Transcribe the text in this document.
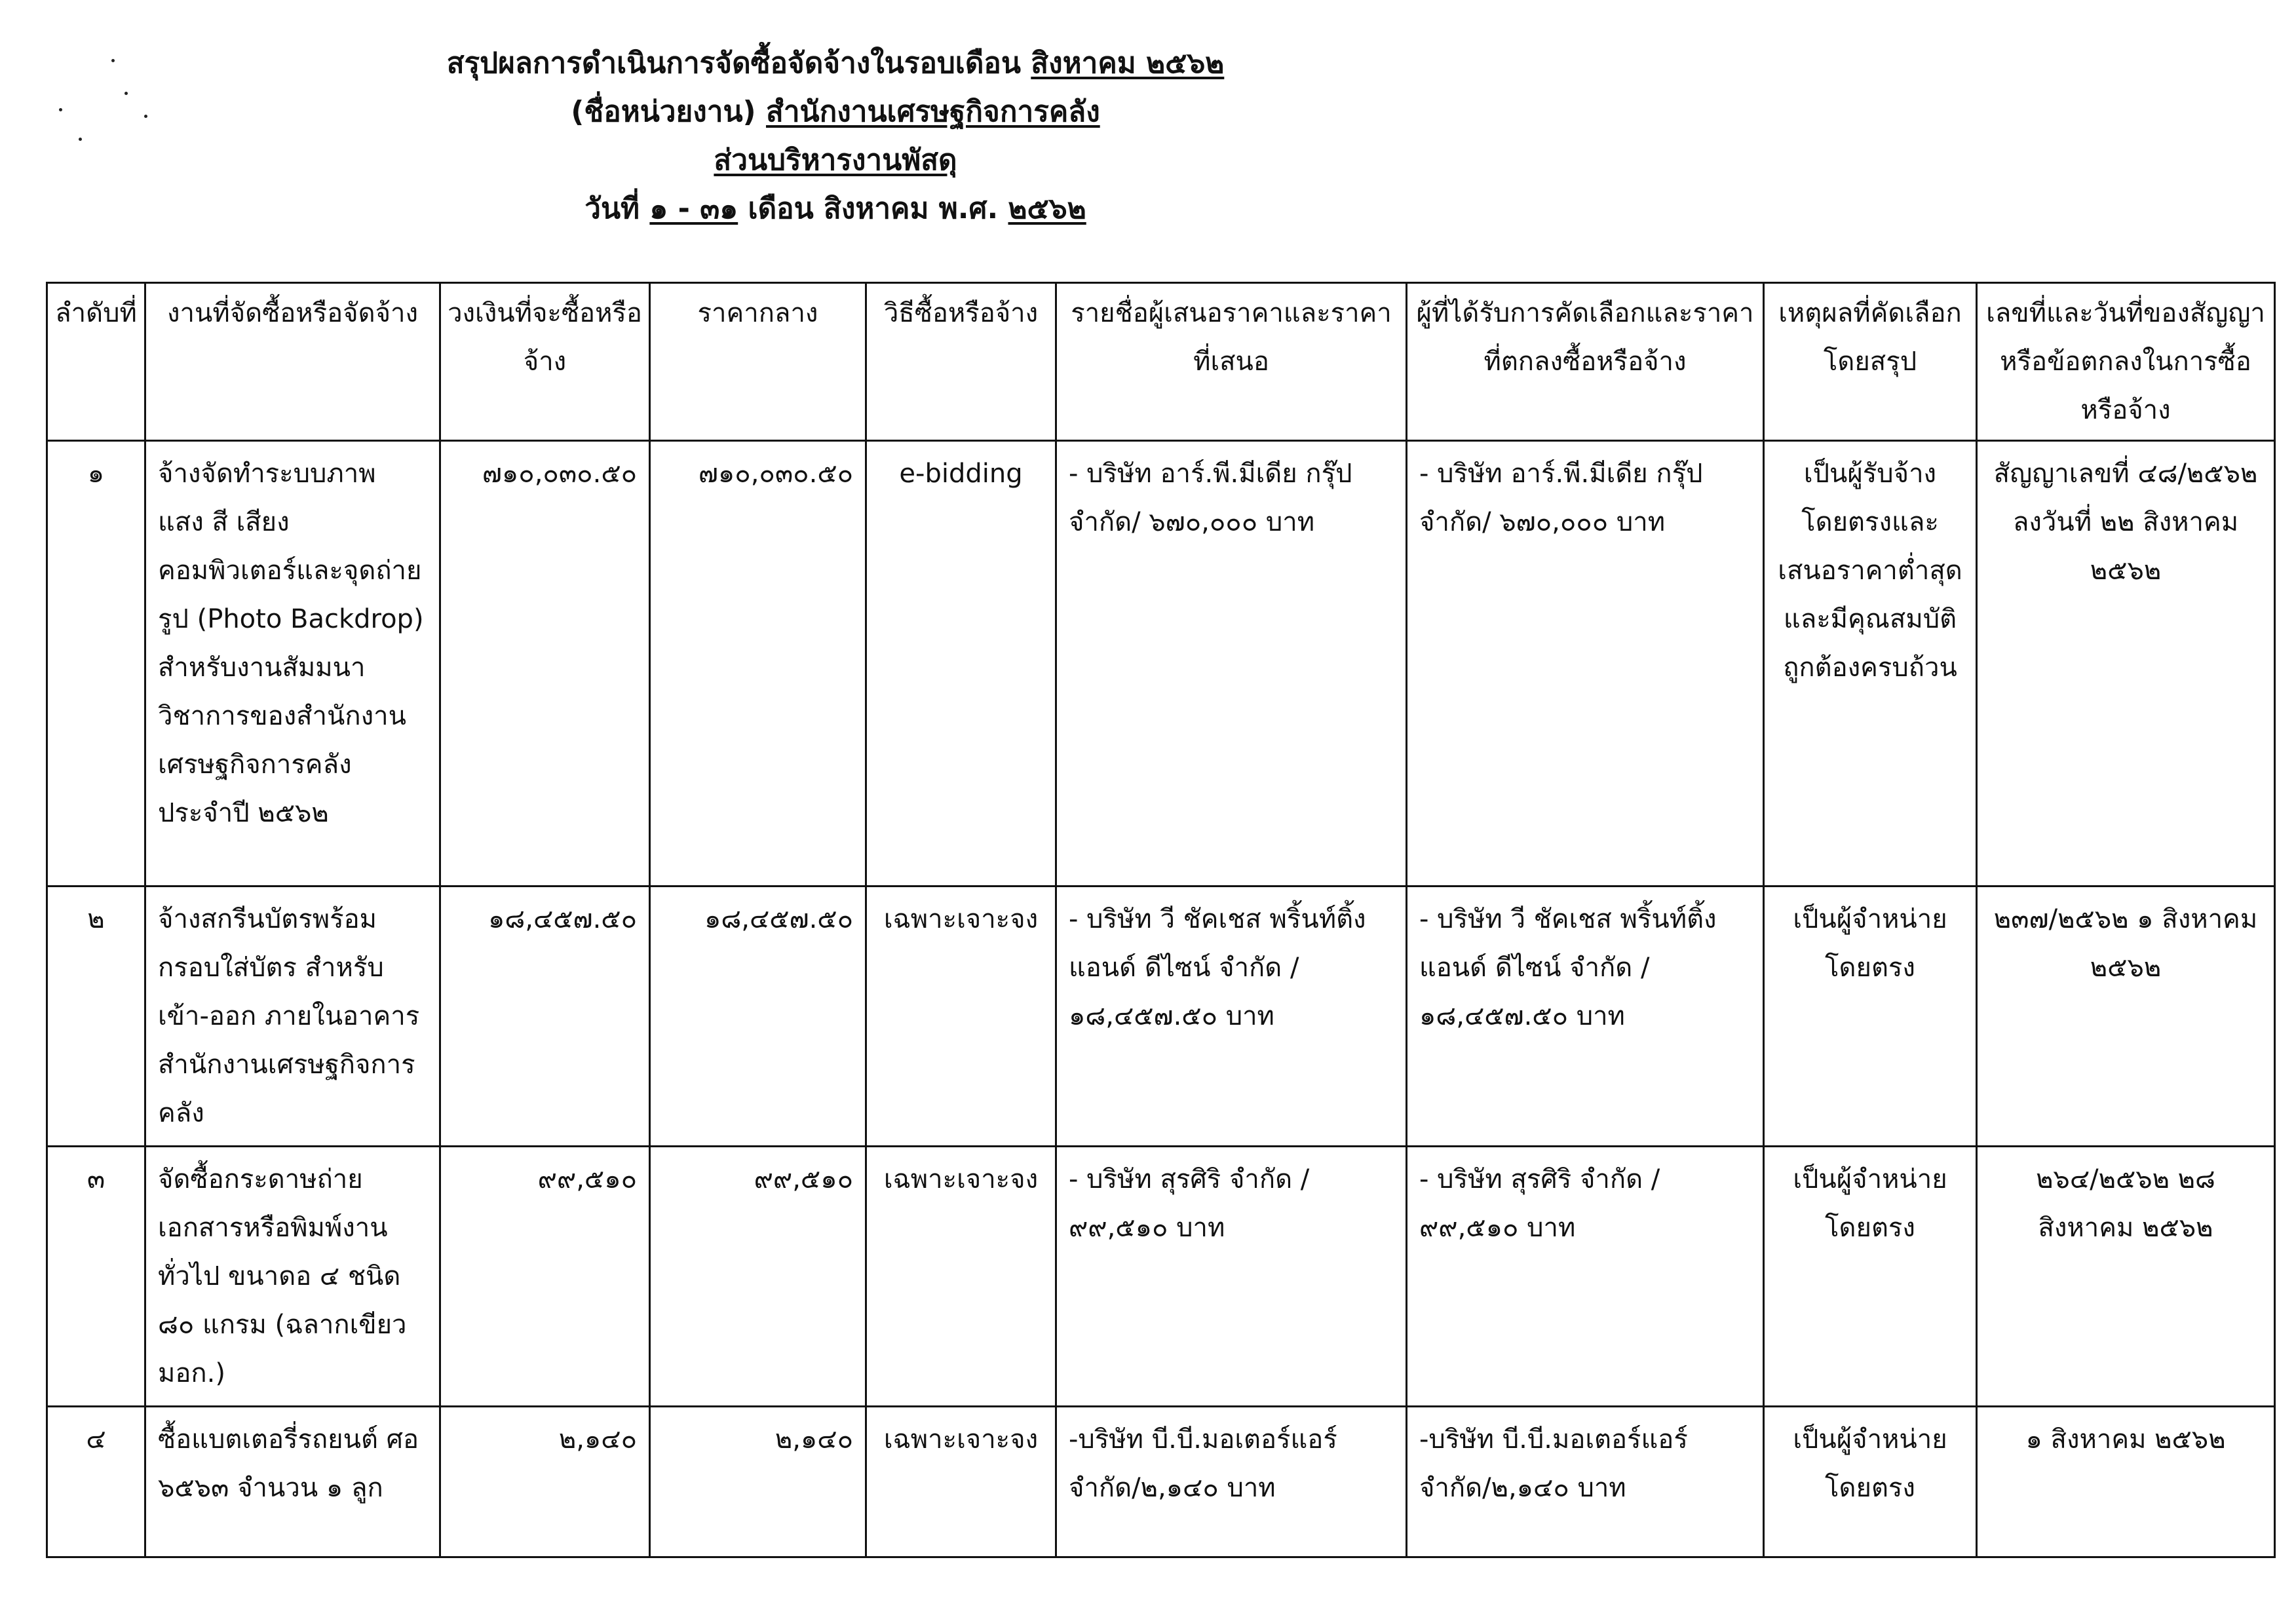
สรุปผลการดำเนินการจัดซื้อจัดจ้างในรอบเดือน สิงหาคม ๒๕๖๒
(ชื่อหน่วยงาน) สำนักงานเศรษฐกิจการคลัง
ส่วนบริหารงานพัสดุ
วันที่ ๑ - ๓๑ เดือน สิงหาคม พ.ศ. ๒๕๖๒
ลำดับที่	งานที่จัดซื้อหรือจัดจ้าง	วงเงินที่จะซื้อหรือจ้าง	ราคากลาง	วิธีซื้อหรือจ้าง	รายชื่อผู้เสนอราคาและราคาที่เสนอ	ผู้ที่ได้รับการคัดเลือกและราคาที่ตกลงซื้อหรือจ้าง	เหตุผลที่คัดเลือกโดยสรุป	เลขที่และวันที่ของสัญญาหรือข้อตกลงในการซื้อหรือจ้าง
๑	จ้างจัดทำระบบภาพ แสง สี เสียง คอมพิวเตอร์และจุดถ่ายรูป (Photo Backdrop) สำหรับงานสัมมนาวิชาการของสำนักงานเศรษฐกิจการคลัง ประจำปี ๒๕๖๒	๗๑๐,๐๓๐.๕๐	๗๑๐,๐๓๐.๕๐	e-bidding	- บริษัท อาร์.พี.มีเดีย กรุ๊ป จำกัด/ ๖๗๐,๐๐๐ บาท	- บริษัท อาร์.พี.มีเดีย กรุ๊ป จำกัด/ ๖๗๐,๐๐๐ บาท	เป็นผู้รับจ้างโดยตรงและเสนอราคาต่ำสุดและมีคุณสมบัติถูกต้องครบถ้วน	สัญญาเลขที่ ๔๘/๒๕๖๒ ลงวันที่ ๒๒ สิงหาคม ๒๕๖๒
๒	จ้างสกรีนบัตรพร้อมกรอบใส่บัตร สำหรับเข้า-ออก ภายในอาคารสำนักงานเศรษฐกิจการคลัง	๑๘,๔๕๗.๕๐	๑๘,๔๕๗.๕๐	เฉพาะเจาะจง	- บริษัท วี ชัคเชส พริ้นท์ติ้ง แอนด์ ดีไซน์ จำกัด / ๑๘,๔๕๗.๕๐ บาท	- บริษัท วี ชัคเชส พริ้นท์ติ้ง แอนด์ ดีไซน์ จำกัด / ๑๘,๔๕๗.๕๐ บาท	เป็นผู้จำหน่ายโดยตรง	๒๓๗/๒๕๖๒ ๑ สิงหาคม ๒๕๖๒
๓	จัดซื้อกระดาษถ่ายเอกสารหรือพิมพ์งานทั่วไป ขนาดอ ๔ ชนิด ๘๐ แกรม (ฉลากเขียว มอก.)	๙๙,๕๑๐	๙๙,๕๑๐	เฉพาะเจาะจง	- บริษัท สุรศิริ จำกัด / ๙๙,๕๑๐ บาท	- บริษัท สุรศิริ จำกัด / ๙๙,๕๑๐ บาท	เป็นผู้จำหน่ายโดยตรง	๒๖๔/๒๕๖๒ ๒๘ สิงหาคม ๒๕๖๒
๔	ซื้อแบตเตอรี่รถยนต์ ศอ ๖๕๖๓ จำนวน ๑ ลูก	๒,๑๔๐	๒,๑๔๐	เฉพาะเจาะจง	-บริษัท บี.บี.มอเตอร์แอร์ จำกัด/๒,๑๔๐ บาท	-บริษัท บี.บี.มอเตอร์แอร์ จำกัด/๒,๑๔๐ บาท	เป็นผู้จำหน่ายโดยตรง	๑ สิงหาคม ๒๕๖๒
